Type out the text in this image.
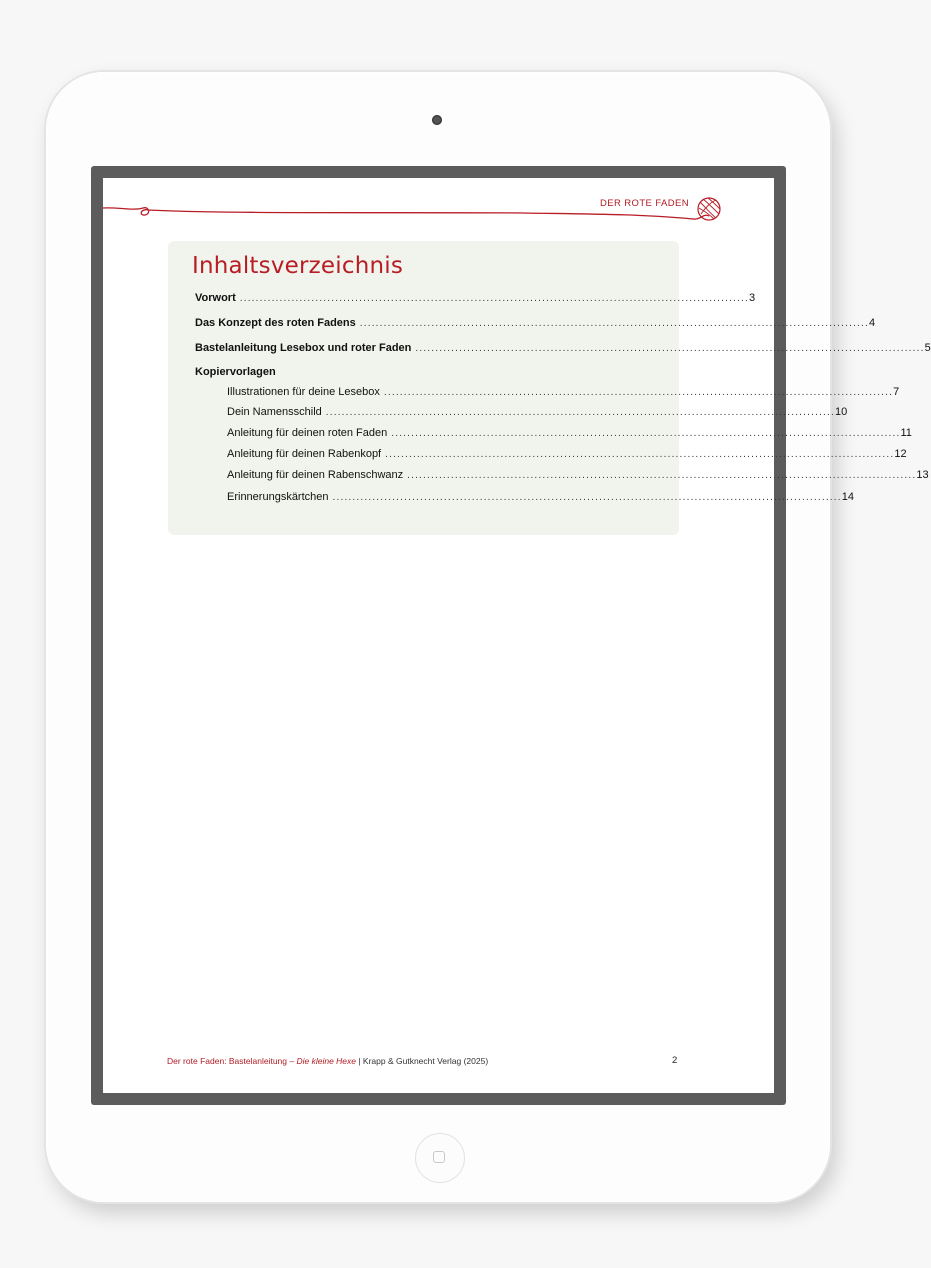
DER ROTE FADEN
Inhaltsverzeichnis
Vorwort ................................................................................................................................ 3
Das Konzept des roten Fadens ................................................................................................................................ 4
Bastelanleitung Lesebox und roter Faden ................................................................................................................................ 5
Kopiervorlagen
Illustrationen für deine Lesebox ................................................................................................................................ 7
Dein Namensschild ................................................................................................................................ 10
Anleitung für deinen roten Faden ................................................................................................................................ 11
Anleitung für deinen Rabenkopf ................................................................................................................................ 12
Anleitung für deinen Rabenschwanz ................................................................................................................................ 13
Erinnerungskärtchen ................................................................................................................................ 14
Der rote Faden: Bastelanleitung – Die kleine Hexe | Krapp & Gutknecht Verlag (2025)	2
